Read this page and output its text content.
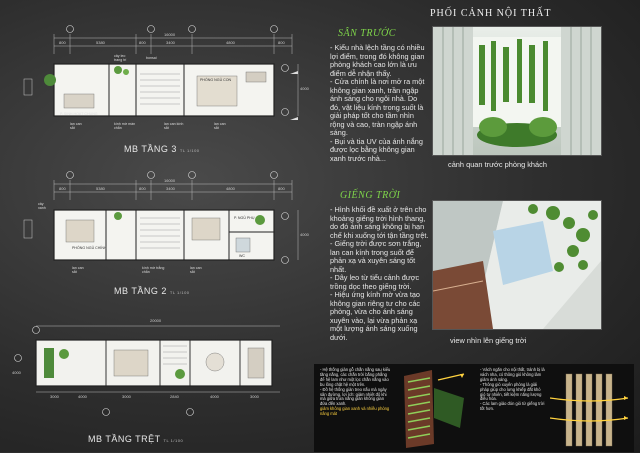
16000
800	5380	800	3400	4800	800
4000
P. SINH HOẠT CHUNG
PHÒNG NGỦ CON
bonsai
cây leo
trang trí
lan can
sắt
kính mờ màn
chắn
lan can kính
sắt
lan can
sắt
MB TẦNG 3 TL 1/100
16000
800	5380	800	3400	4800	800
4000
PHÒNG NGỦ CHÍNH
P. NGỦ PHỤ
WC
lan can
sắt
kính mờ trắng
chắn
lan can
sắt
cây
xanh
MB TẦNG 2 TL 1/100
20000
3000	4000	3000	2840	4000	3000
4000
MB TẦNG TRỆT TL 1/100
PHỐI CẢNH NỘI THẤT
SÂN TRƯỚC
- Kiểu nhà lệch tầng có nhiều lợi điểm, trong đó không gian phòng khách cao lớn là ưu điểm dễ nhận thấy.
- Cửa chính là nơi mở ra một không gian xanh, trần ngập ánh sáng cho ngôi nhà. Do đó, vật liệu kính trong suốt là giải pháp tốt cho tầm nhìn rộng và cao, tràn ngập ánh sáng.
- Bụi và tia UV của ánh nắng được lọc bằng không gian xanh trước nhà...
cảnh quan trước phòng khách
GIẾNG TRỜI
- Hình khối đề xuất ở trên cho khoảng giếng trời hình thang, do đó ánh sáng không bị hạn chế khi xuống tới tận tầng trệt.
- Giếng trời được sơn trắng, lan can kính trong suốt để phản xạ và xuyên sáng tốt nhất.
- Dây leo từ tiểu cảnh được trồng dọc theo giếng trời.
- Hiệu ứng kính mờ vừa tạo không gian riêng tư cho các phòng, vừa cho ánh sáng xuyên vào, lại vừa phản xạ một lượng ánh sáng xuống dưới.	view nhìn lên giếng trời
- Hệ thống giàn gỗ chắn nắng sau kiểu tăng nắng, các chắn trời bằng phẳng để hệ lam như một lọc chắn nắng vào bu lông chặt hệ một trên.
- Đồ hệ thống giàn treo nấu mà ngày sân đường, lợi ích: giảm nhiệt độ khi mà giữa trưa nắng giàn không gian đứa đến xanh.
giảm không gian xanh và nhiều phòng nâng mát
- Vách ngăn cho nội thất, tránh bị là vách nha, có thông gió không làm giảm ánh sáng.
- Thông gió xuyên phòng là giải pháp giúp cho lưng khiếp đất khó gió tự nhiên, tiết kiệm năng lượng điều hòa.
- Các lam giảo đón gió từ giếng trời tốt hơn.
